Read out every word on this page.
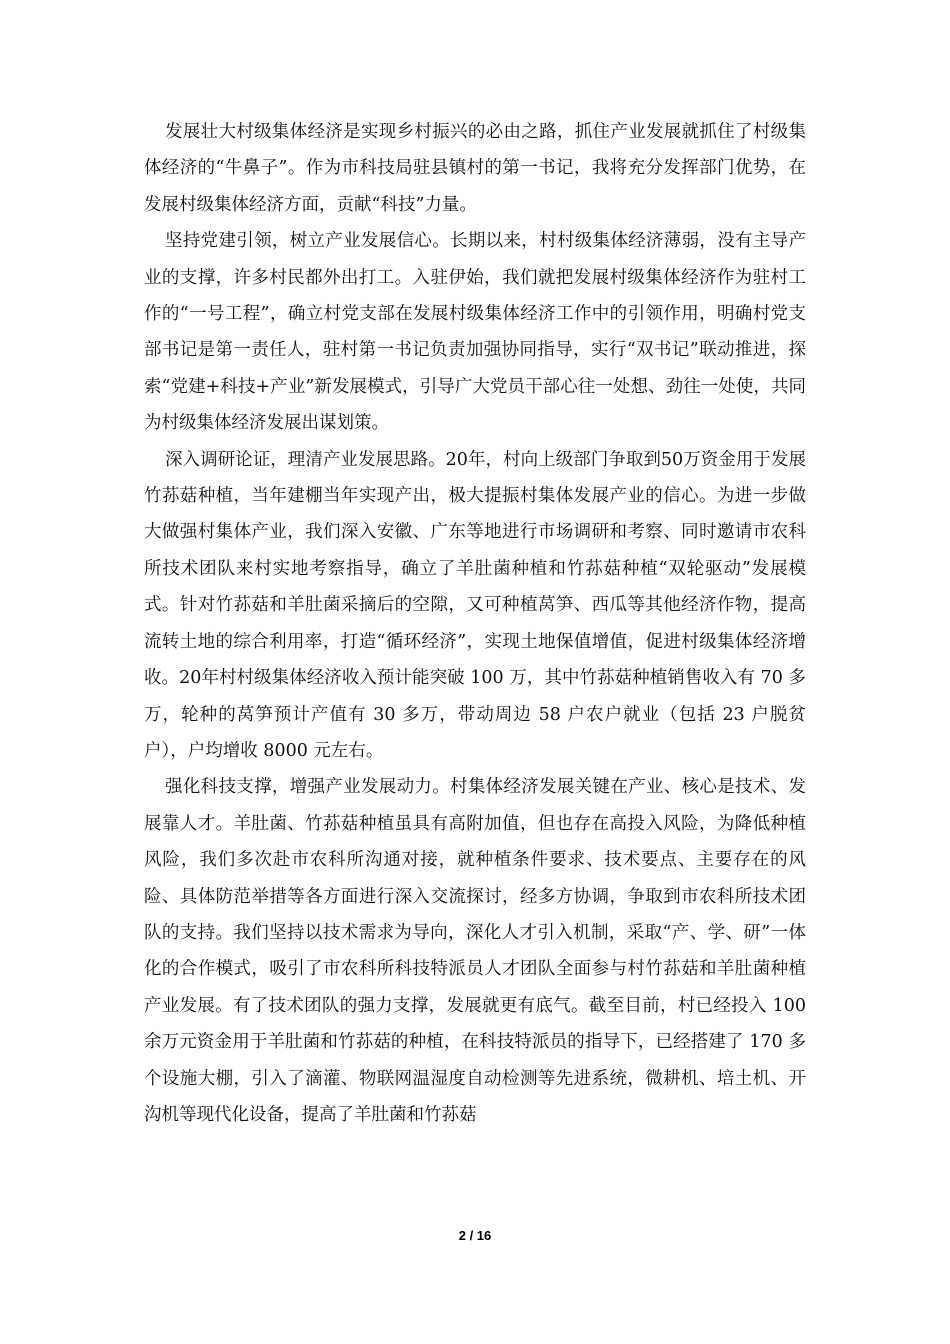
发展壮大村级集体经济是实现乡村振兴的必由之路，抓住产业发展就抓住了村级集体经济的“牛鼻子”。作为市科技局驻县镇村的第一书记，我将充分发挥部门优势，在发展村级集体经济方面，贡献“科技”力量。

坚持党建引领，树立产业发展信心。长期以来，村村级集体经济薄弱，没有主导产业的支撑，许多村民都外出打工。入驻伊始，我们就把发展村级集体经济作为驻村工作的“一号工程”，确立村党支部在发展村级集体经济工作中的引领作用，明确村党支部书记是第一责任人，驻村第一书记负责加强协同指导，实行“双书记”联动推进，探索“党建+科技+产业”新发展模式，引导广大党员干部心往一处想、劲往一处使，共同为村级集体经济发展出谋划策。

深入调研论证，理清产业发展思路。20年，村向上级部门争取到50万资金用于发展竹荪菇种植，当年建棚当年实现产出，极大提振村集体发展产业的信心。为进一步做大做强村集体产业，我们深入安徽、广东等地进行市场调研和考察、同时邀请市农科所技术团队来村实地考察指导，确立了羊肚菌种植和竹荪菇种植“双轮驱动”发展模式。针对竹荪菇和羊肚菌采摘后的空隙，又可种植莴笋、西瓜等其他经济作物，提高流转土地的综合利用率，打造“循环经济”，实现土地保值增值，促进村级集体经济增收。20年村村级集体经济收入预计能突破 100 万，其中竹荪菇种植销售收入有 70 多万，轮种的莴笋预计产值有 30 多万，带动周边 58 户农户就业（包括 23 户脱贫户），户均增收 8000 元左右。

强化科技支撑，增强产业发展动力。村集体经济发展关键在产业、核心是技术、发展靠人才。羊肚菌、竹荪菇种植虽具有高附加值，但也存在高投入风险，为降低种植风险，我们多次赴市农科所沟通对接，就种植条件要求、技术要点、主要存在的风险、具体防范举措等各方面进行深入交流探讨，经多方协调，争取到市农科所技术团队的支持。我们坚持以技术需求为导向，深化人才引入机制，采取“产、学、研”一体化的合作模式，吸引了市农科所科技特派员人才团队全面参与村竹荪菇和羊肚菌种植产业发展。有了技术团队的强力支撑，发展就更有底气。截至目前，村已经投入 100 余万元资金用于羊肚菌和竹荪菇的种植，在科技特派员的指导下，已经搭建了 170 多个设施大棚，引入了滴灌、物联网温湿度自动检测等先进系统，微耕机、培土机、开沟机等现代化设备，提高了羊肚菌和竹荪菇

2 / 16
